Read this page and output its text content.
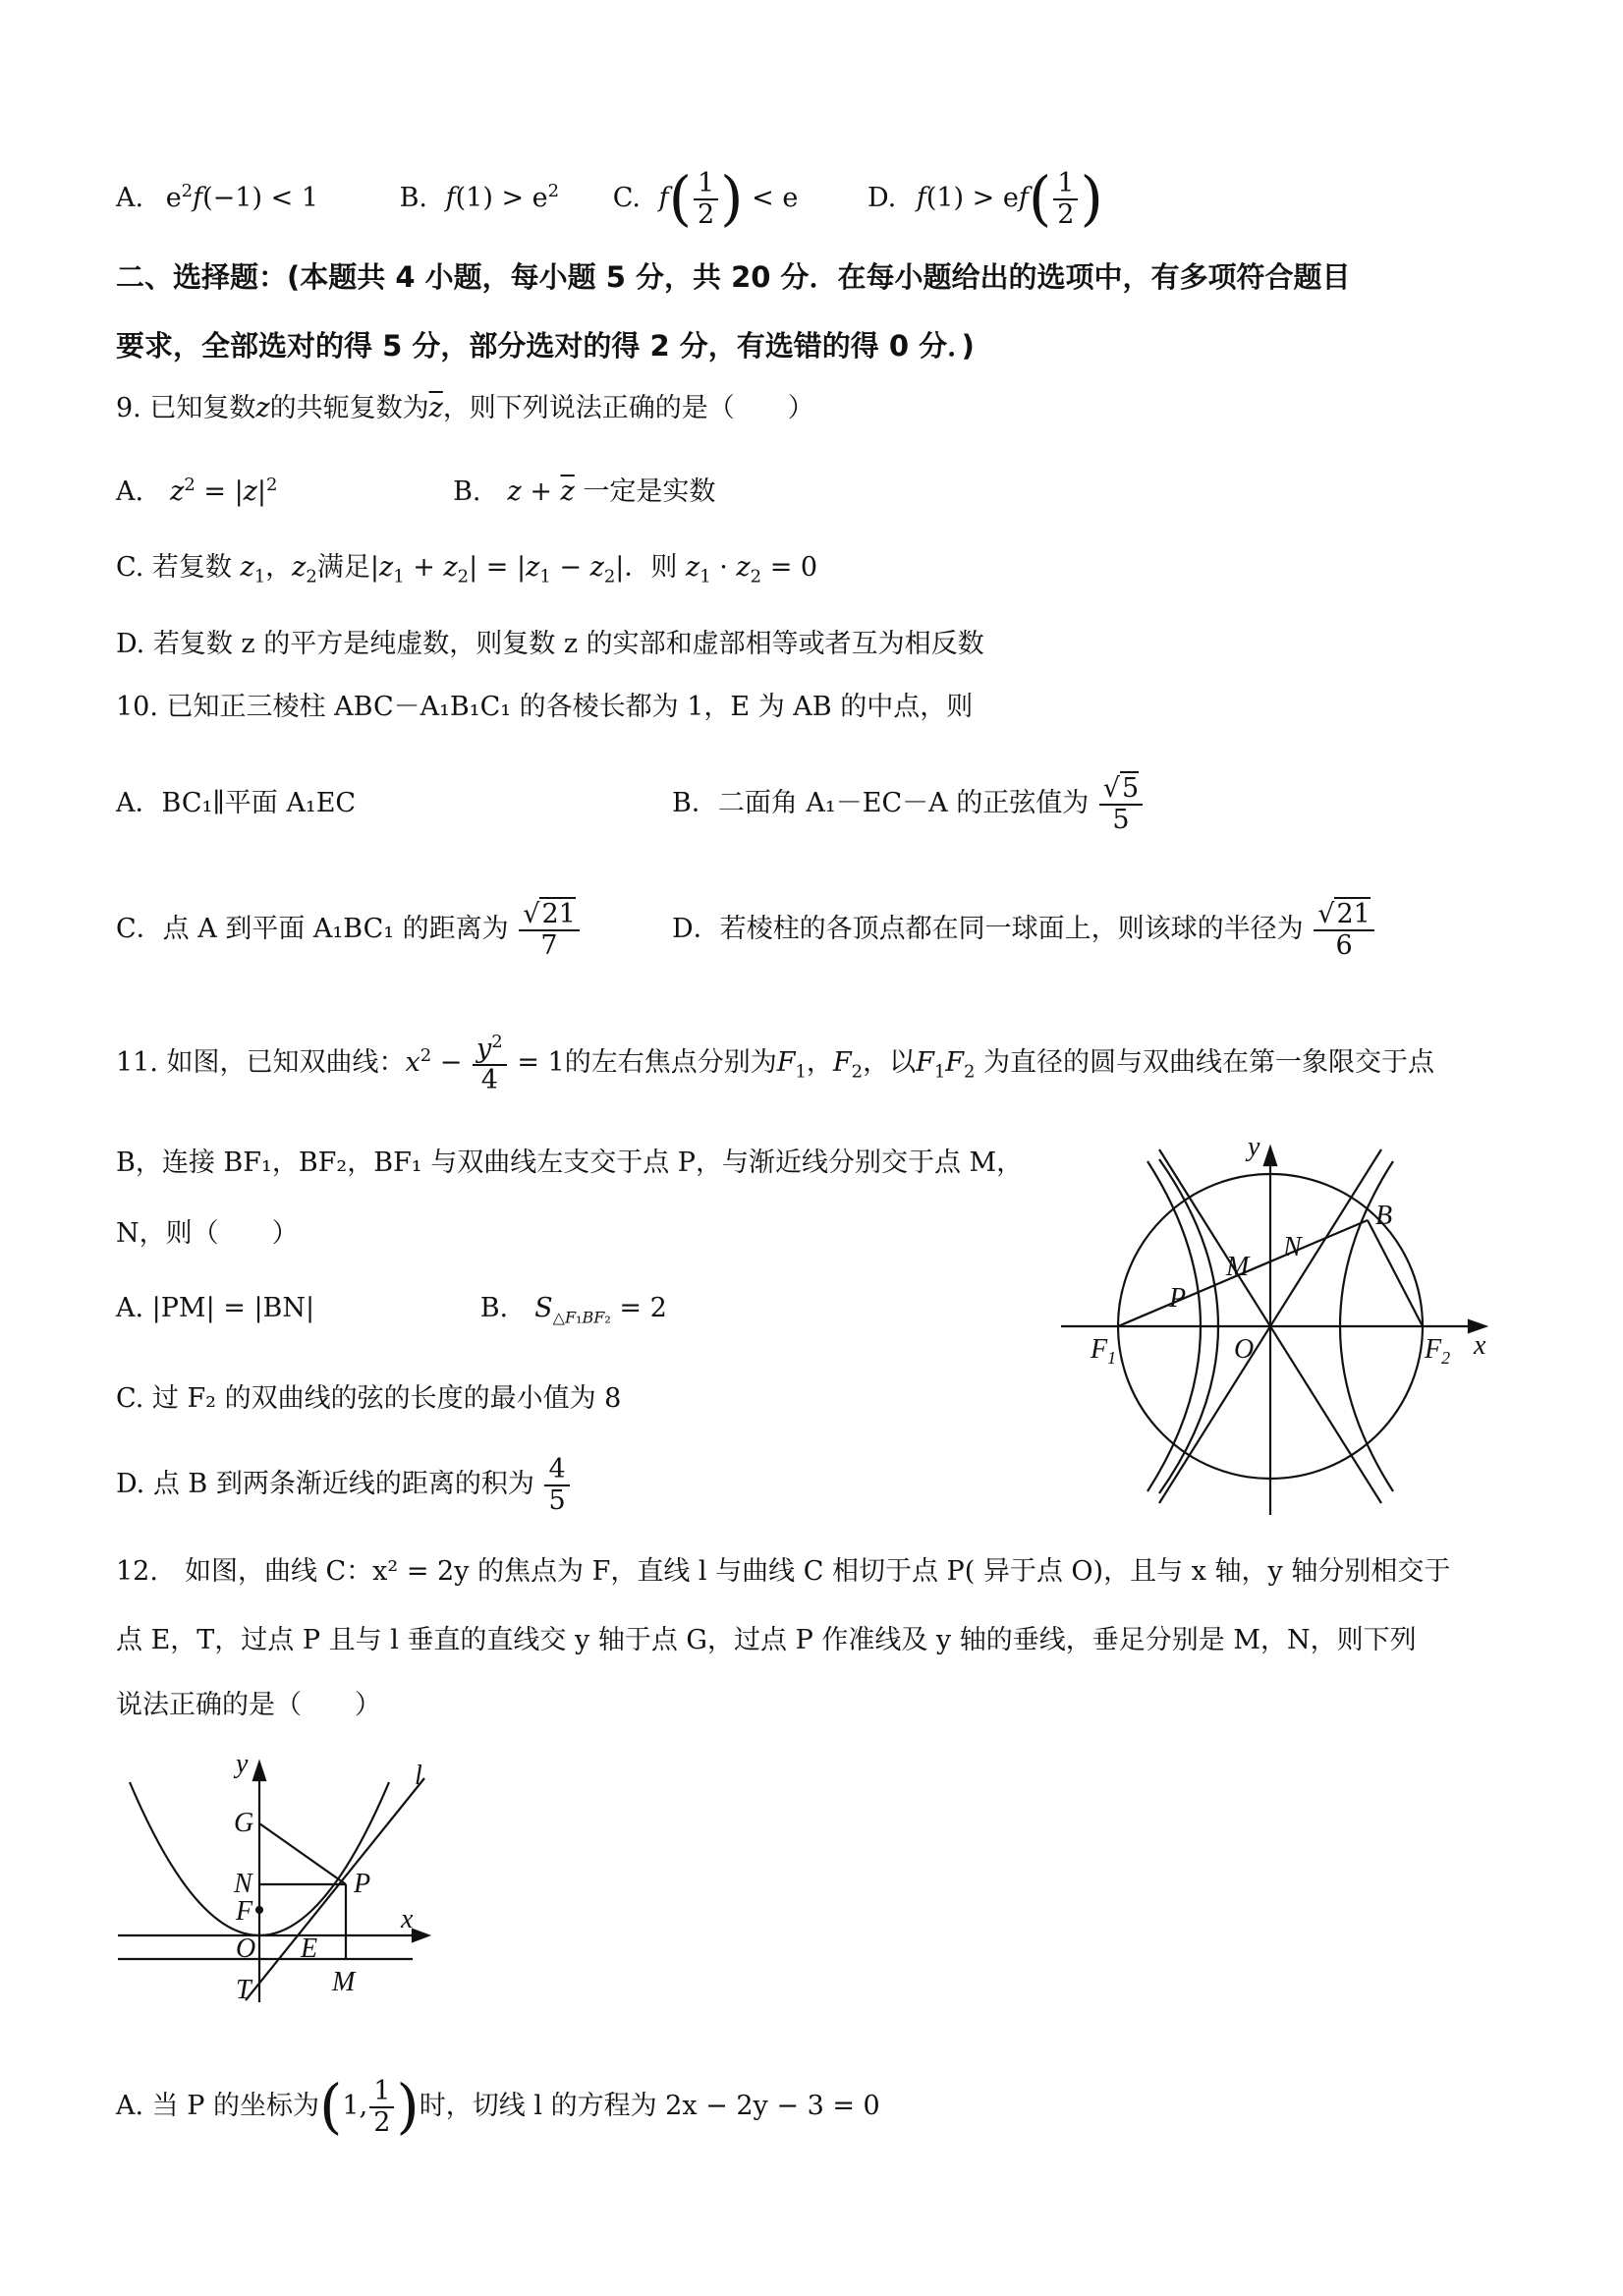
A. $e^2f(-1) < 1$	B. $f(1) > e^2$ C. $f( \frac{1}{2}$ ) < e	D. $f(1) > ef( \frac{1}{2}$ )
二、选择题：(本题共 4 小题，每小题 5 分，共 20 分．在每小题给出的选项中，有多项符合题目
要求，全部选对的得 5 分，部分选对的得 2 分，有选错的得 0 分．)
9. 已知复数z的共轭复数为$\overline{z}$，则下列说法正确的是（　　）
A.　 $z^2 = |z|^2$	B.　 $z + \overline{z}$ 一定是实数
C. 若复数 $z_1$，$z_2$满足$|z_1 + z_2| = |z_1 - z_2|$．则 $z_1 \cdot z_2 = 0$
D. 若复数 z 的平方是纯虚数，则复数 z 的实部和虚部相等或者互为相反数
10. 已知正三棱柱 ABC－A₁B₁C₁ 的各棱长都为 1，E 为 AB 的中点，则
A．BC₁∥平面 A₁EC	B．二面角 A₁－EC－A 的正弦值为 $\frac{√5}{5}$
C．点 A 到平面 A₁BC₁ 的距离为 $\frac{√21}{7}$	D．若棱柱的各顶点都在同一球面上，则该球的半径为 $\frac{√21}{6}$
11. 如图，已知双曲线：$x^2 - \frac{y^2}{4} = 1$的左右焦点分别为$F_1$，$F_2$，以$F_1F_2$ 为直径的圆与双曲线在第一象限交于点
B，连接 BF₁，BF₂，BF₁ 与双曲线左支交于点 P，与渐近线分别交于点 M，
N，则（　　）
A. |PM| = |BN|	B.　 $S_{\triangle F_1BF_2} = 2$
C. 过 F₂ 的双曲线的弦的长度的最小值为 8
D. 点 B 到两条渐近线的距离的积为 $\frac{4}{5}$
y
x
$F_1$	$F_2$
O
B
M
N
P
12.　如图，曲线 C：x² = 2y 的焦点为 F，直线 l 与曲线 C 相切于点 P( 异于点 O)，且与 x 轴，y 轴分别相交于
点 E，T，过点 P 且与 l 垂直的直线交 y 轴于点 G，过点 P 作准线及 y 轴的垂线，垂足分别是 M，N，则下列
说法正确的是（　　）
y
x
l
G
N
F
O
T
E
M
P
A. 当 P 的坐标为(1, $\frac{1}{2}$ )时，切线 l 的方程为 2x − 2y − 3 = 0
